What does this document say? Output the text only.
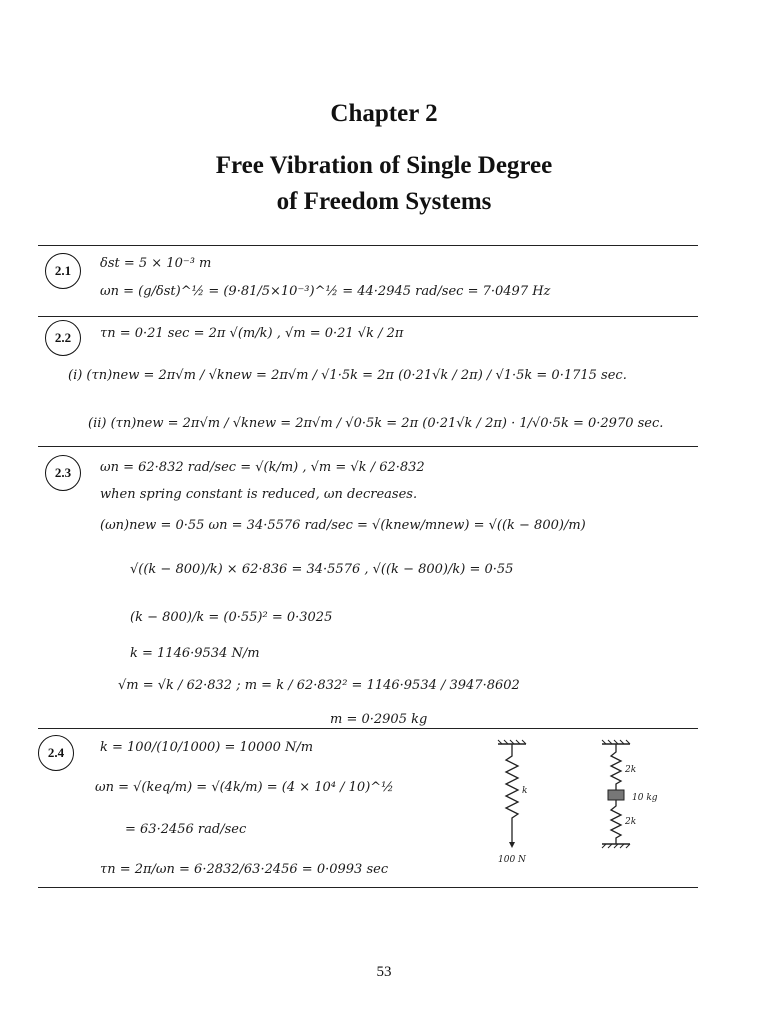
Chapter 2
Free Vibration of Single Degree
of Freedom Systems
2.1	δst = 5 × 10⁻³ m
ωn = (g/δst)^½ = (9·81/5×10⁻³)^½ = 44·2945 rad/sec = 7·0497 Hz
2.2	τn = 0·21 sec = 2π √(m/k) , √m = 0·21 √k / 2π
(i) (τn)new = 2π√m / √knew = 2π√m / √1·5k = 2π (0·21√k / 2π) / √1·5k = 0·1715 sec.
(ii) (τn)new = 2π√m / √knew = 2π√m / √0·5k = 2π (0·21√k / 2π) · 1/√0·5k = 0·2970 sec.
2.3	ωn = 62·832 rad/sec = √(k/m) , √m = √k / 62·832
when spring constant is reduced, ωn decreases.
(ωn)new = 0·55 ωn = 34·5576 rad/sec = √(knew/mnew) = √((k − 800)/m)
√((k − 800)/k) × 62·836 = 34·5576 , √((k − 800)/k) = 0·55
(k − 800)/k = (0·55)² = 0·3025
k = 1146·9534 N/m
√m = √k / 62·832 ; m = k / 62·832² = 1146·9534 / 3947·8602
m = 0·2905 kg
2.4	k = 100/(10/1000) = 10000 N/m
ωn = √(keq/m) = √(4k/m) = (4 × 10⁴ / 10)^½
= 63·2456 rad/sec
τn = 2π/ωn = 6·2832/63·2456 = 0·0993 sec
k
100 N
2k
10 kg
2k
53
